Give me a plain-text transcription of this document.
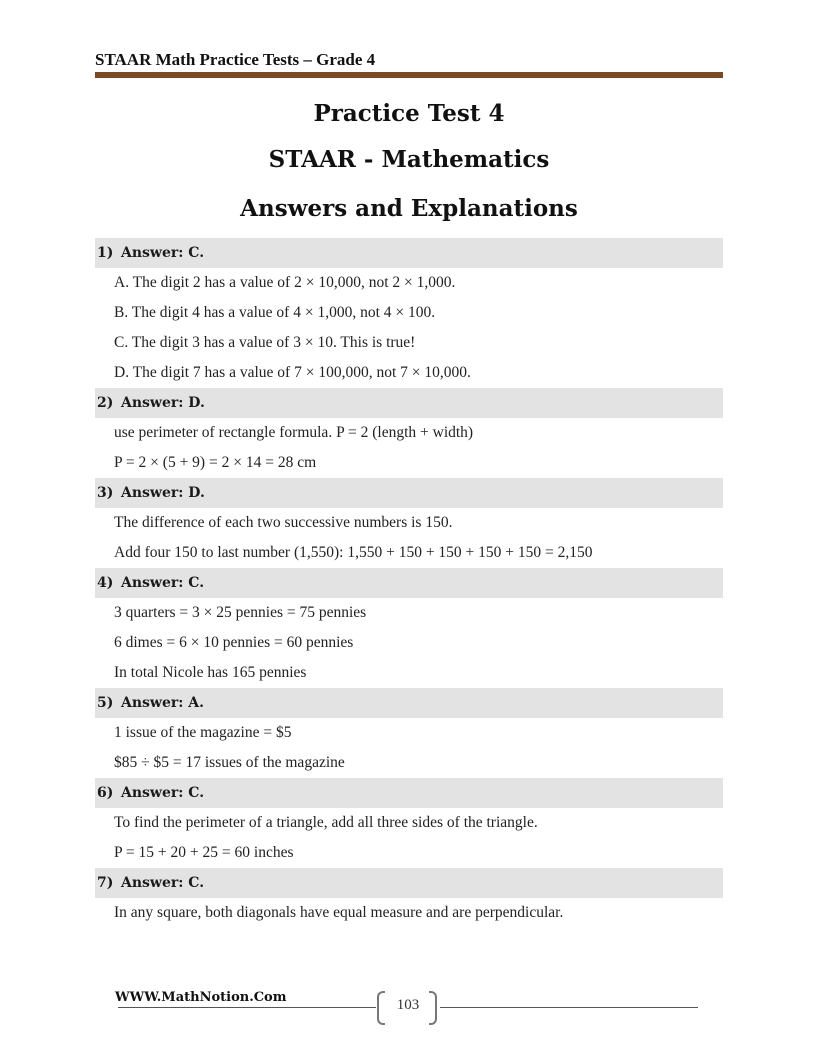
STAAR Math Practice Tests – Grade 4
Practice Test 4
STAAR - Mathematics
Answers and Explanations
1) Answer: C.
A. The digit 2 has a value of 2 × 10,000, not 2 × 1,000.
B. The digit 4 has a value of 4 × 1,000, not 4 × 100.
C. The digit 3 has a value of 3 × 10. This is true!
D. The digit 7 has a value of 7 × 100,000, not 7 × 10,000.
2) Answer: D.
use perimeter of rectangle formula. P = 2 (length + width)
P = 2 × (5 + 9) = 2 × 14 = 28 cm
3) Answer: D.
The difference of each two successive numbers is 150.
Add four 150 to last number (1,550): 1,550 + 150 + 150 + 150 + 150 = 2,150
4) Answer: C.
3 quarters = 3 × 25 pennies = 75 pennies
6 dimes = 6 × 10 pennies = 60 pennies
In total Nicole has 165 pennies
5) Answer: A.
1 issue of the magazine = $5
$85 ÷ $5 = 17 issues of the magazine
6) Answer: C.
To find the perimeter of a triangle, add all three sides of the triangle.
P = 15 + 20 + 25 = 60 inches
7) Answer: C.
In any square, both diagonals have equal measure and are perpendicular.
WWW.MathNotion.Com	103
